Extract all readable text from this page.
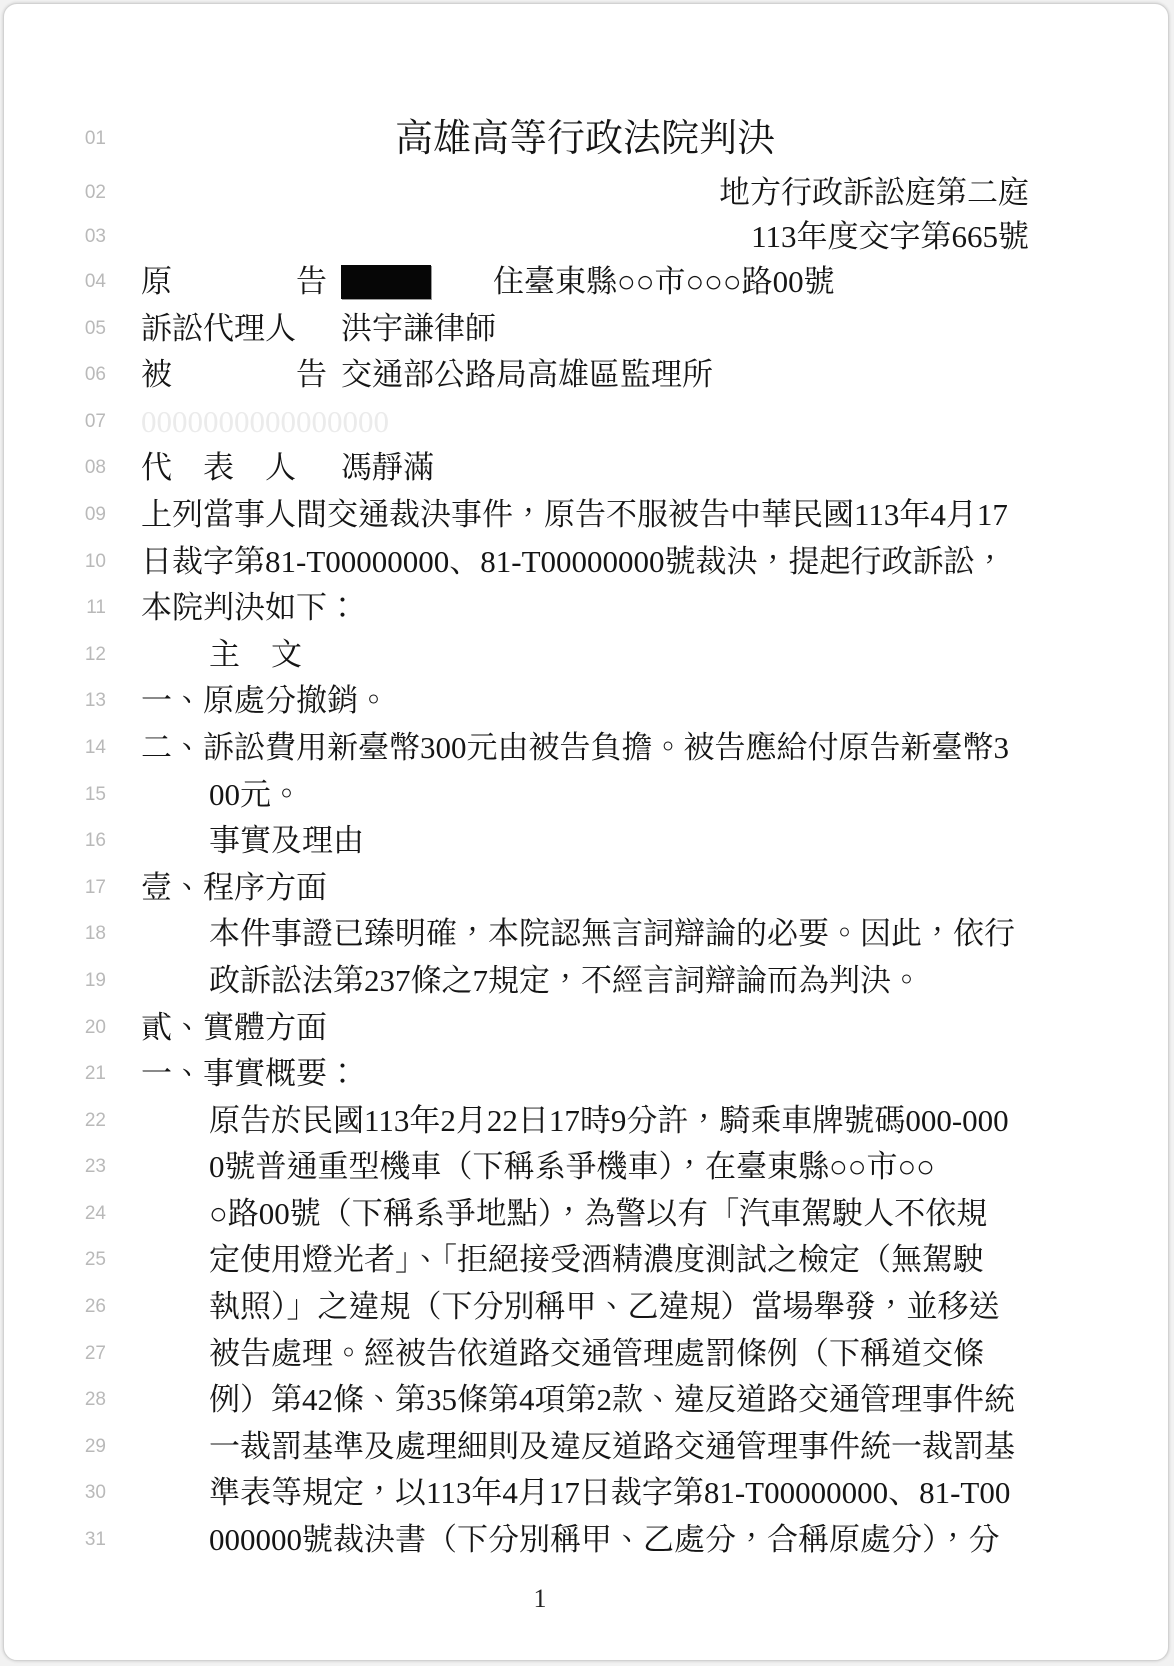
01	高雄高等行政法院判決
02	地方行政訴訟庭第二庭
03	113年度交字第665號
04 原　　　　告	住臺東縣○○市○○○路00號
05 訴訟代理人 洪宇謙律師
06 被　　　　告 交通部公路局高雄區監理所
07 0000000000000000
08 代　表　人 馮靜滿
09 上列當事人間交通裁決事件，原告不服被告中華民國113年4月17
10 日裁字第81-T00000000、81-T00000000號裁決，提起行政訴訟，
11 本院判決如下：
12	主　文
13 一、原處分撤銷。
14 二、訴訟費用新臺幣300元由被告負擔。被告應給付原告新臺幣3
15	00元。
16	事實及理由
17 壹、程序方面
18	本件事證已臻明確，本院認無言詞辯論的必要。因此，依行
19	政訴訟法第237條之7規定，不經言詞辯論而為判決。
20 貳、實體方面
21 一、事實概要：
22	原告於民國113年2月22日17時9分許，騎乘車牌號碼000-000
23	0號普通重型機車（下稱系爭機車），在臺東縣○○市○○
24	○路00號（下稱系爭地點），為警以有「汽車駕駛人不依規
25	定使用燈光者」、「拒絕接受酒精濃度測試之檢定（無駕駛
26	執照）」之違規（下分別稱甲、乙違規）當場舉發，並移送
27	被告處理。經被告依道路交通管理處罰條例（下稱道交條
28	例）第42條、第35條第4項第2款、違反道路交通管理事件統
29	一裁罰基準及處理細則及違反道路交通管理事件統一裁罰基
30	準表等規定，以113年4月17日裁字第81-T00000000、81-T00
31	000000號裁決書（下分別稱甲、乙處分，合稱原處分），分
1
